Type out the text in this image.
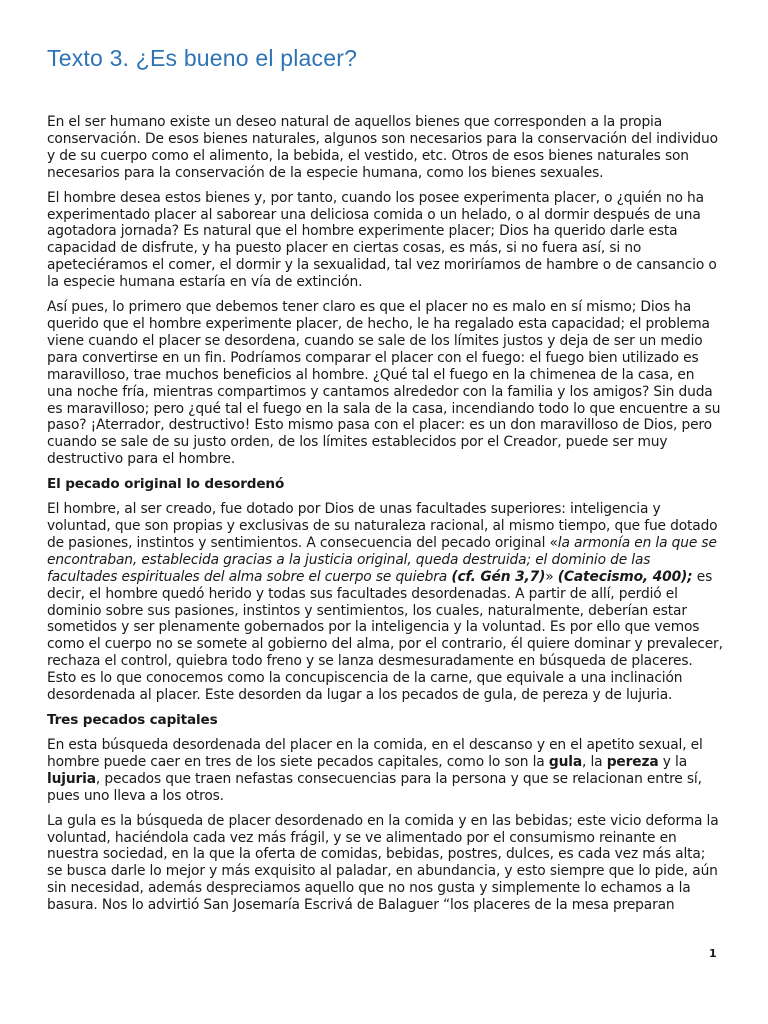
Texto 3. ¿Es bueno el placer?

En el ser humano existe un deseo natural de aquellos bienes que corresponden a la propia conservación. De esos bienes naturales, algunos son necesarios para la conservación del individuo y de su cuerpo como el alimento, la bebida, el vestido, etc. Otros de esos bienes naturales son necesarios para la conservación de la especie humana, como los bienes sexuales.

El hombre desea estos bienes y, por tanto, cuando los posee experimenta placer, o ¿quién no ha experimentado placer al saborear una deliciosa comida o un helado, o al dormir después de una agotadora jornada? Es natural que el hombre experimente placer; Dios ha querido darle esta capacidad de disfrute, y ha puesto placer en ciertas cosas, es más, si no fuera así, si no apeteciéramos el comer, el dormir y la sexualidad, tal vez moriríamos de hambre o de cansancio o la especie humana estaría en vía de extinción.

Así pues, lo primero que debemos tener claro es que el placer no es malo en sí mismo; Dios ha querido que el hombre experimente placer, de hecho, le ha regalado esta capacidad; el problema viene cuando el placer se desordena, cuando se sale de los límites justos y deja de ser un medio para convertirse en un fin. Podríamos comparar el placer con el fuego: el fuego bien utilizado es maravilloso, trae muchos beneficios al hombre. ¿Qué tal el fuego en la chimenea de la casa, en una noche fría, mientras compartimos y cantamos alrededor con la familia y los amigos? Sin duda es maravilloso; pero ¿qué tal el fuego en la sala de la casa, incendiando todo lo que encuentre a su paso? ¡Aterrador, destructivo! Esto mismo pasa con el placer: es un don maravilloso de Dios, pero cuando se sale de su justo orden, de los límites establecidos por el Creador, puede ser muy destructivo para el hombre.

El pecado original lo desordenó

El hombre, al ser creado, fue dotado por Dios de unas facultades superiores: inteligencia y voluntad, que son propias y exclusivas de su naturaleza racional, al mismo tiempo, que fue dotado de pasiones, instintos y sentimientos. A consecuencia del pecado original «la armonía en la que se encontraban, establecida gracias a la justicia original, queda destruida; el dominio de las facultades espirituales del alma sobre el cuerpo se quiebra (cf. Gén 3,7)» (Catecismo, 400); es decir, el hombre quedó herido y todas sus facultades desordenadas. A partir de allí, perdió el dominio sobre sus pasiones, instintos y sentimientos, los cuales, naturalmente, deberían estar sometidos y ser plenamente gobernados por la inteligencia y la voluntad. Es por ello que vemos como el cuerpo no se somete al gobierno del alma, por el contrario, él quiere dominar y prevalecer, rechaza el control, quiebra todo freno y se lanza desmesuradamente en búsqueda de placeres. Esto es lo que conocemos como la concupiscencia de la carne, que equivale a una inclinación desordenada al placer. Este desorden da lugar a los pecados de gula, de pereza y de lujuria.

Tres pecados capitales

En esta búsqueda desordenada del placer en la comida, en el descanso y en el apetito sexual, el hombre puede caer en tres de los siete pecados capitales, como lo son la gula, la pereza y la lujuria, pecados que traen nefastas consecuencias para la persona y que se relacionan entre sí, pues uno lleva a los otros.

La gula es la búsqueda de placer desordenado en la comida y en las bebidas; este vicio deforma la voluntad, haciéndola cada vez más frágil, y se ve alimentado por el consumismo reinante en nuestra sociedad, en la que la oferta de comidas, bebidas, postres, dulces, es cada vez más alta; se busca darle lo mejor y más exquisito al paladar, en abundancia, y esto siempre que lo pide, aún sin necesidad, además despreciamos aquello que no nos gusta y simplemente lo echamos a la basura. Nos lo advirtió San Josemaría Escrivá de Balaguer “los placeres de la mesa preparan

1
